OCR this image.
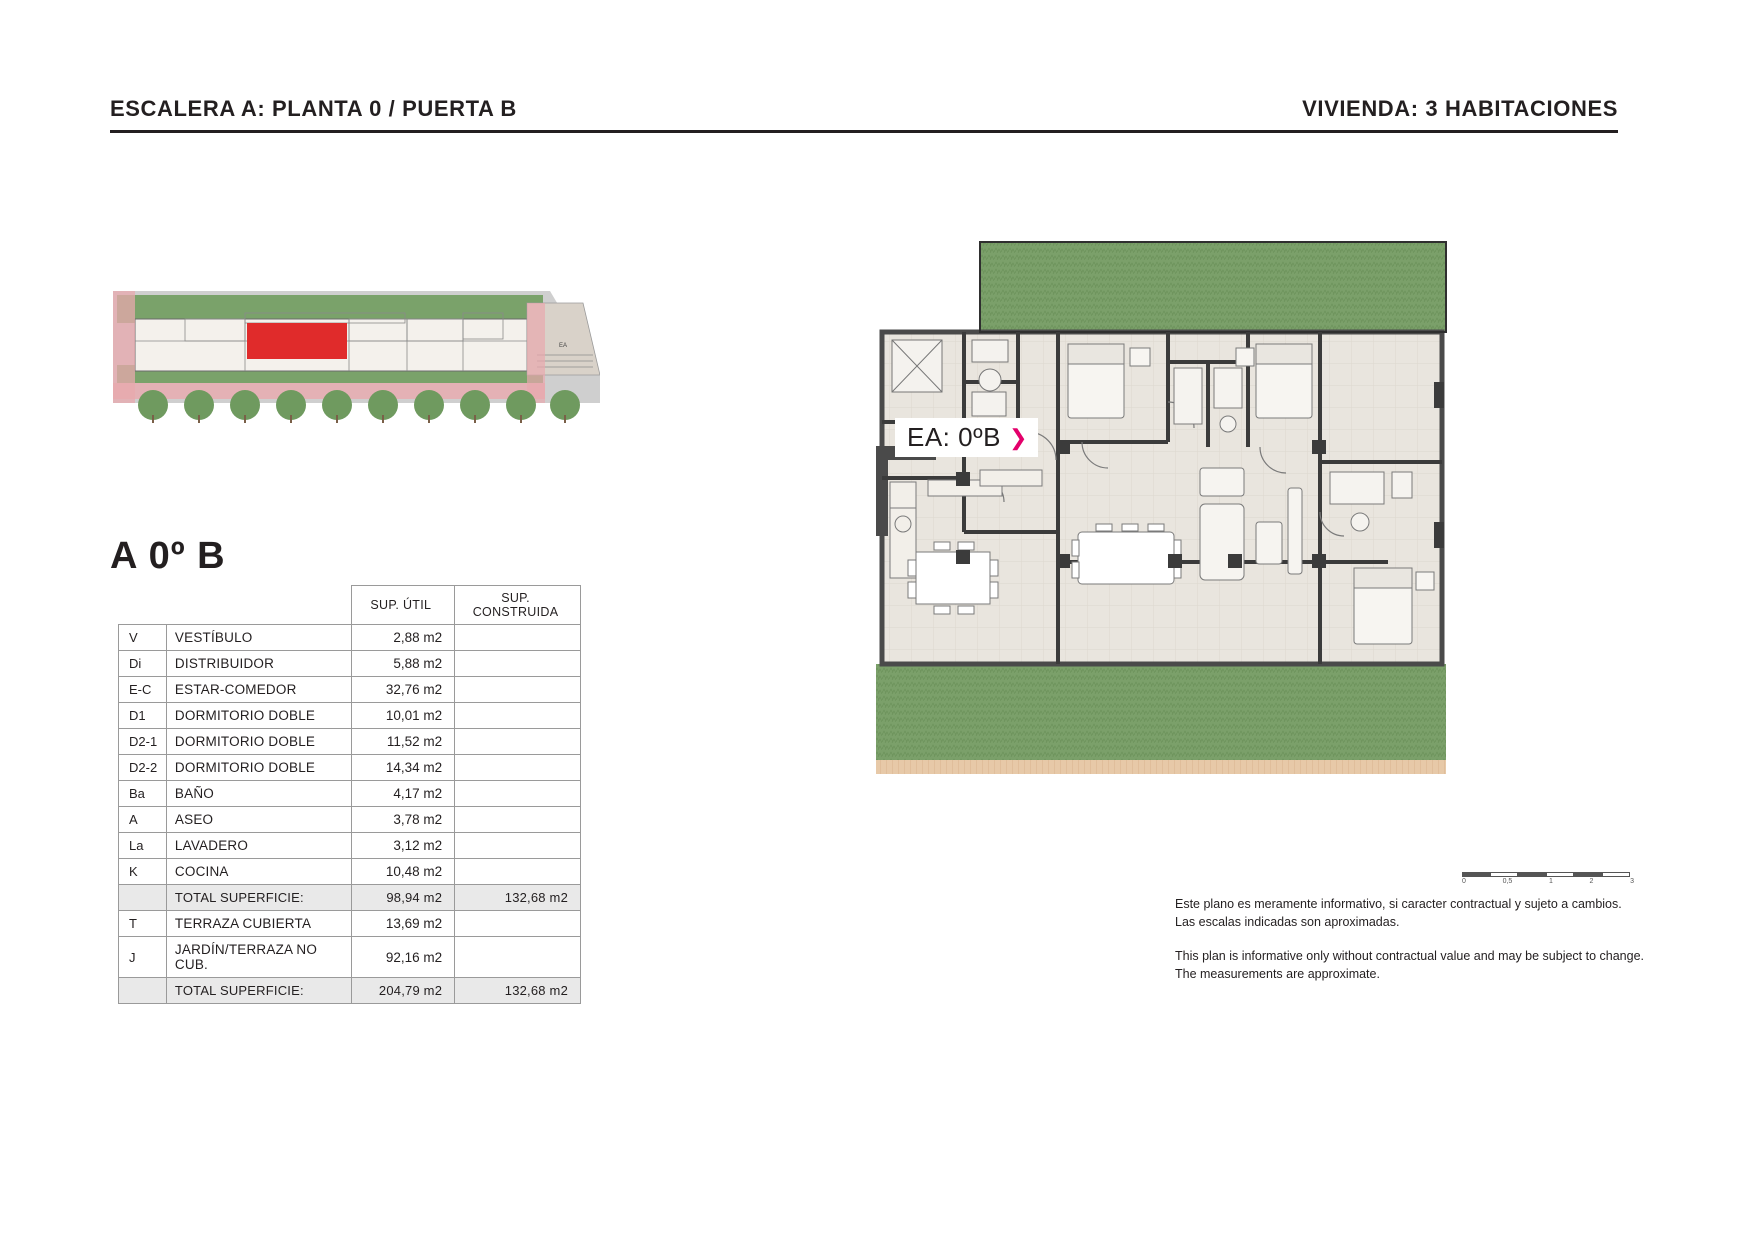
ESCALERA A: PLANTA 0 / PUERTA B	VIVIENDA: 3 HABITACIONES
EA
A 0º B
		SUP. ÚTIL	SUP. CONSTRUIDA
V	VESTÍBULO	2,88 m2	
Di	DISTRIBUIDOR	5,88 m2	
E-C	ESTAR-COMEDOR	32,76 m2	
D1	DORMITORIO DOBLE	10,01 m2	
D2-1	DORMITORIO DOBLE	11,52 m2	
D2-2	DORMITORIO DOBLE	14,34 m2	
Ba	BAÑO	4,17 m2	
A	ASEO	3,78 m2	
La	LAVADERO	3,12 m2	
K	COCINA	10,48 m2	
	TOTAL SUPERFICIE:	98,94 m2	132,68 m2
T	TERRAZA CUBIERTA	13,69 m2	
J	JARDÍN/TERRAZA NO CUB.	92,16 m2	
	TOTAL SUPERFICIE:	204,79 m2	132,68 m2
EA: 0ºB ❯
0	0,5	1	2	3

Este plano es meramente informativo, si caracter contractual y sujeto a cambios.

Las escalas indicadas son aproximadas.

This plan is informative only without contractual value and may be subject to change.

The measurements are approximate.
